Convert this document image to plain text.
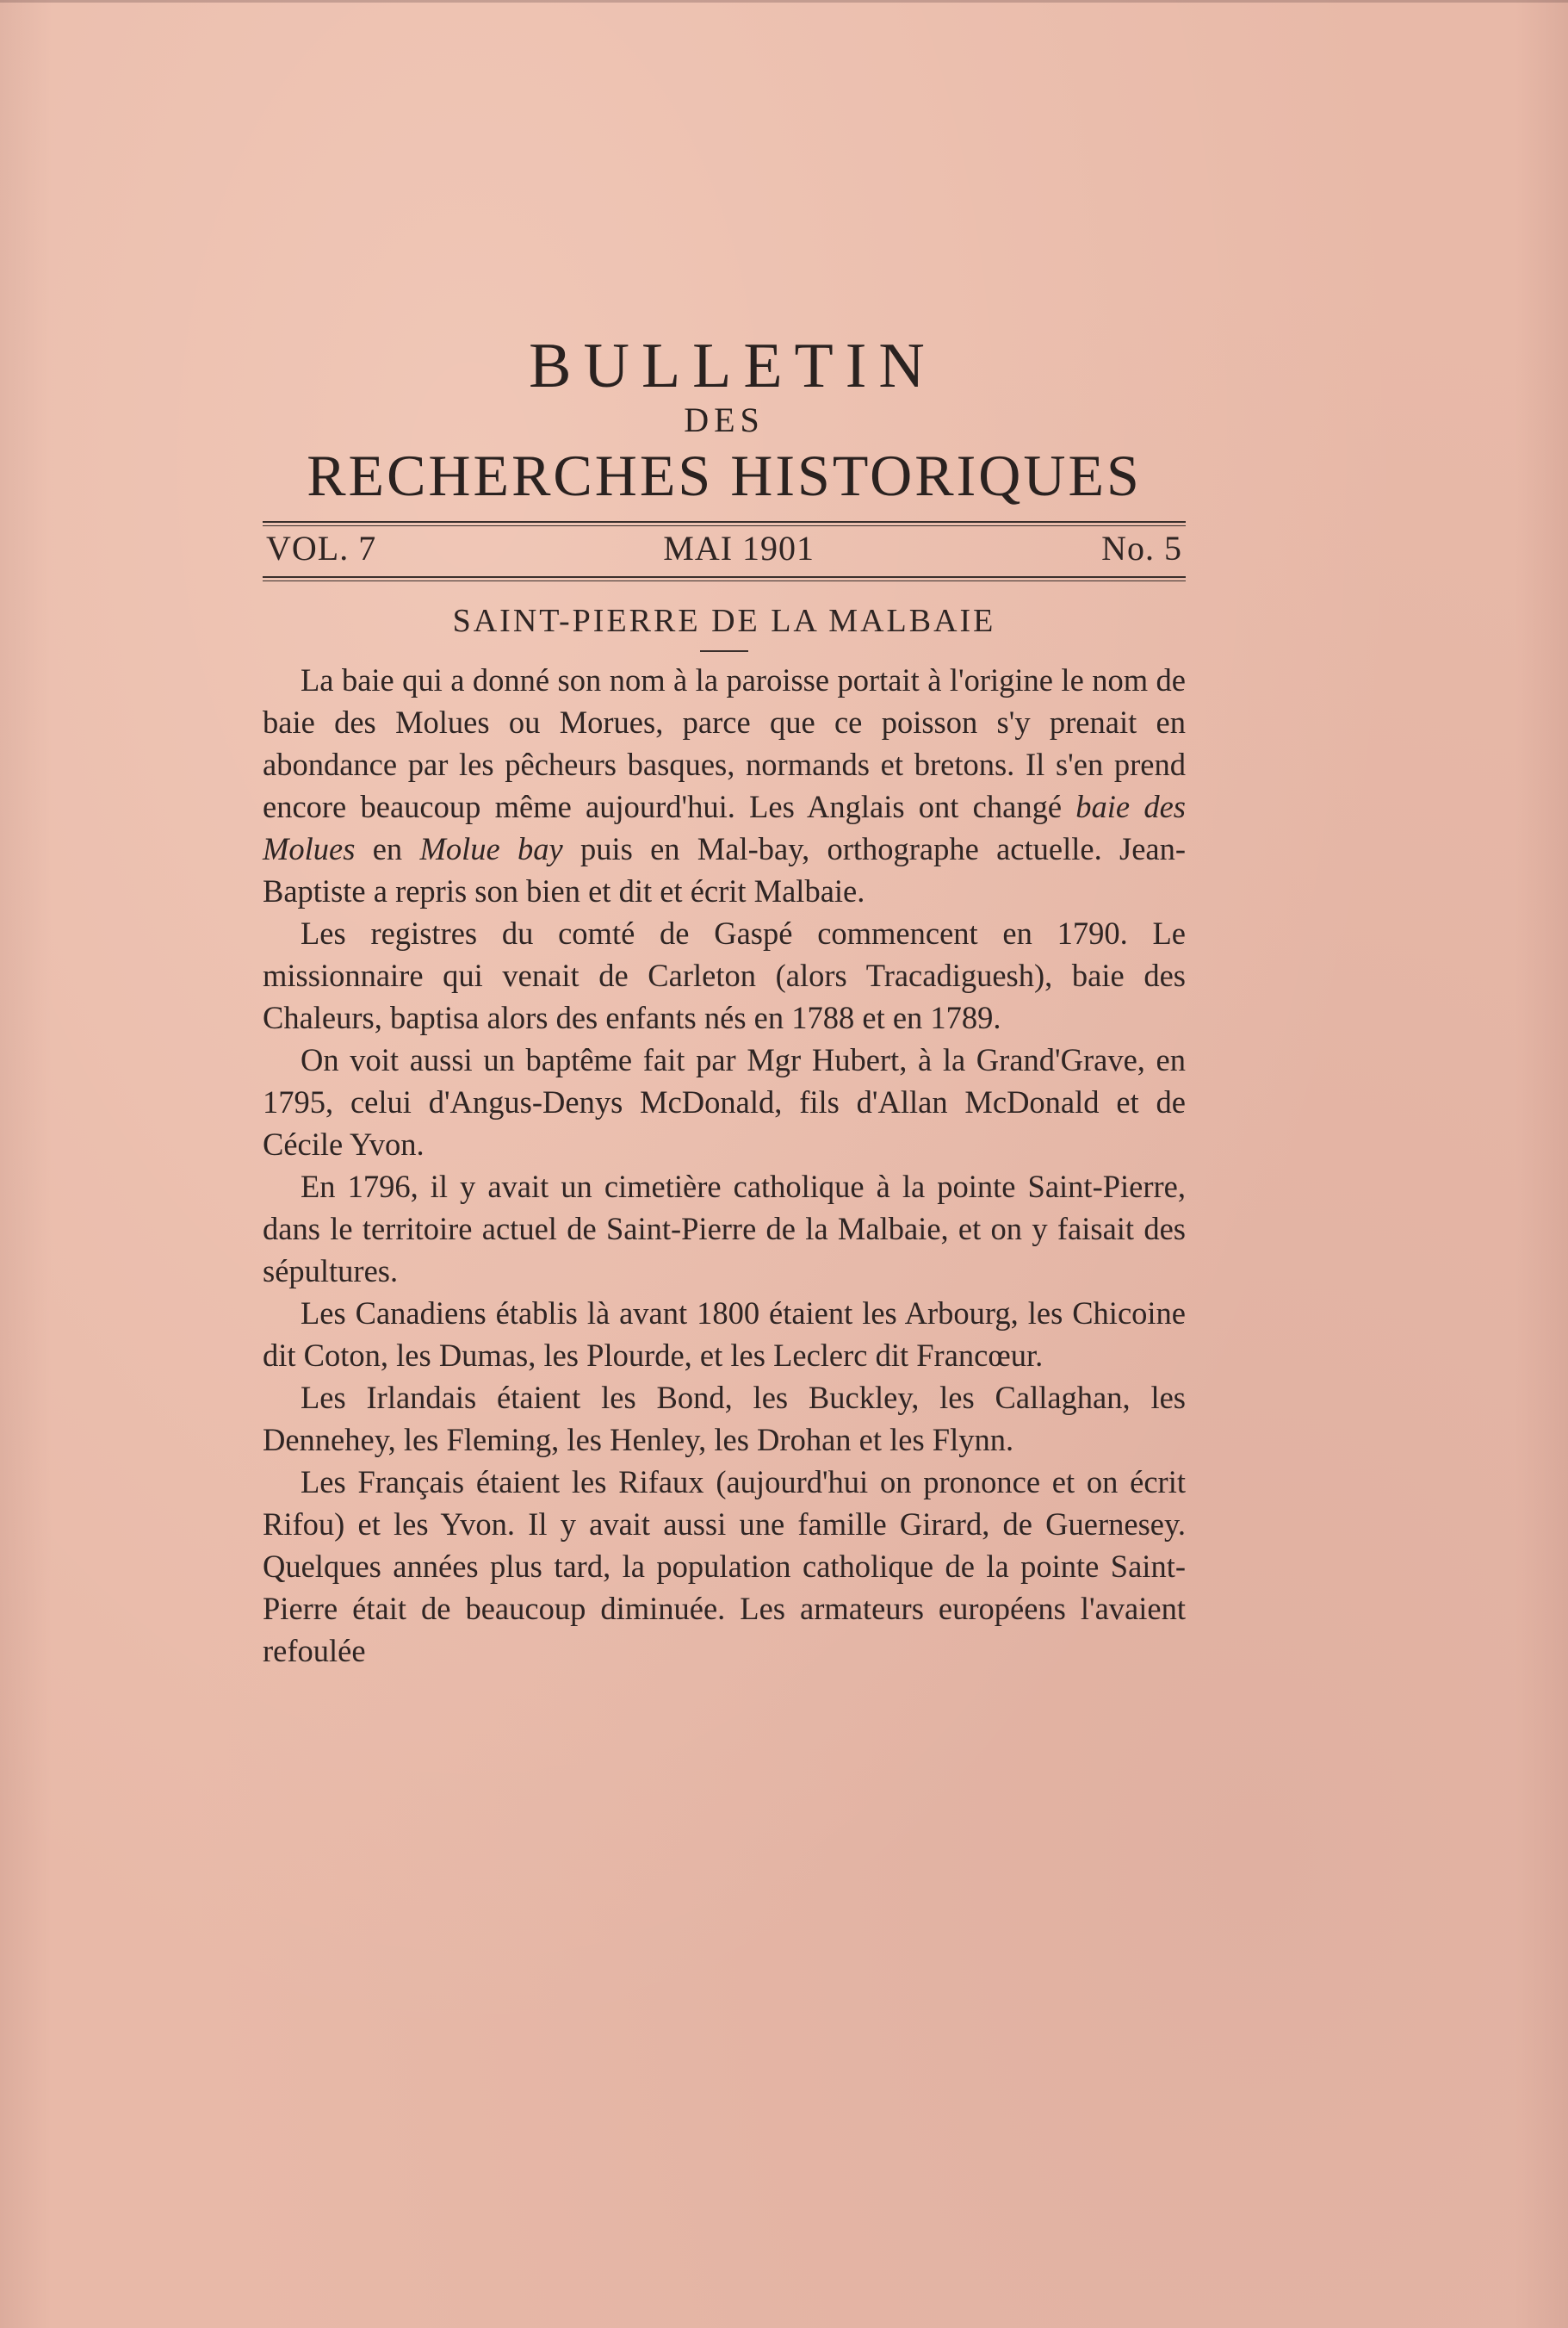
BULLETIN
DES
RECHERCHES HISTORIQUES
VOL. 7	MAI 1901	No. 5
SAINT-PIERRE DE LA MALBAIE

La baie qui a donné son nom à la paroisse portait à l'origine le nom de baie des Molues ou Morues, parce que ce poisson s'y prenait en abondance par les pêcheurs basques, normands et bretons. Il s'en prend encore beaucoup même aujourd'hui. Les Anglais ont changé baie des Molues en Molue bay puis en Mal-bay, orthographe actuelle. Jean-Baptiste a repris son bien et dit et écrit Malbaie.

Les registres du comté de Gaspé commencent en 1790. Le missionnaire qui venait de Carleton (alors Tracadiguesh), baie des Chaleurs, baptisa alors des enfants nés en 1788 et en 1789.

On voit aussi un baptême fait par Mgr Hubert, à la Grand'Grave, en 1795, celui d'Angus-Denys McDonald, fils d'Allan McDonald et de Cécile Yvon.

En 1796, il y avait un cimetière catholique à la pointe Saint-Pierre, dans le territoire actuel de Saint-Pierre de la Malbaie, et on y faisait des sépultures.

Les Canadiens établis là avant 1800 étaient les Arbourg, les Chicoine dit Coton, les Dumas, les Plourde, et les Leclerc dit Francœur.

Les Irlandais étaient les Bond, les Buckley, les Callaghan, les Dennehey, les Fleming, les Henley, les Drohan et les Flynn.

Les Français étaient les Rifaux (aujourd'hui on prononce et on écrit Rifou) et les Yvon. Il y avait aussi une famille Girard, de Guernesey. Quelques années plus tard, la population catholique de la pointe Saint-Pierre était de beaucoup diminuée. Les armateurs européens l'avaient refoulée
